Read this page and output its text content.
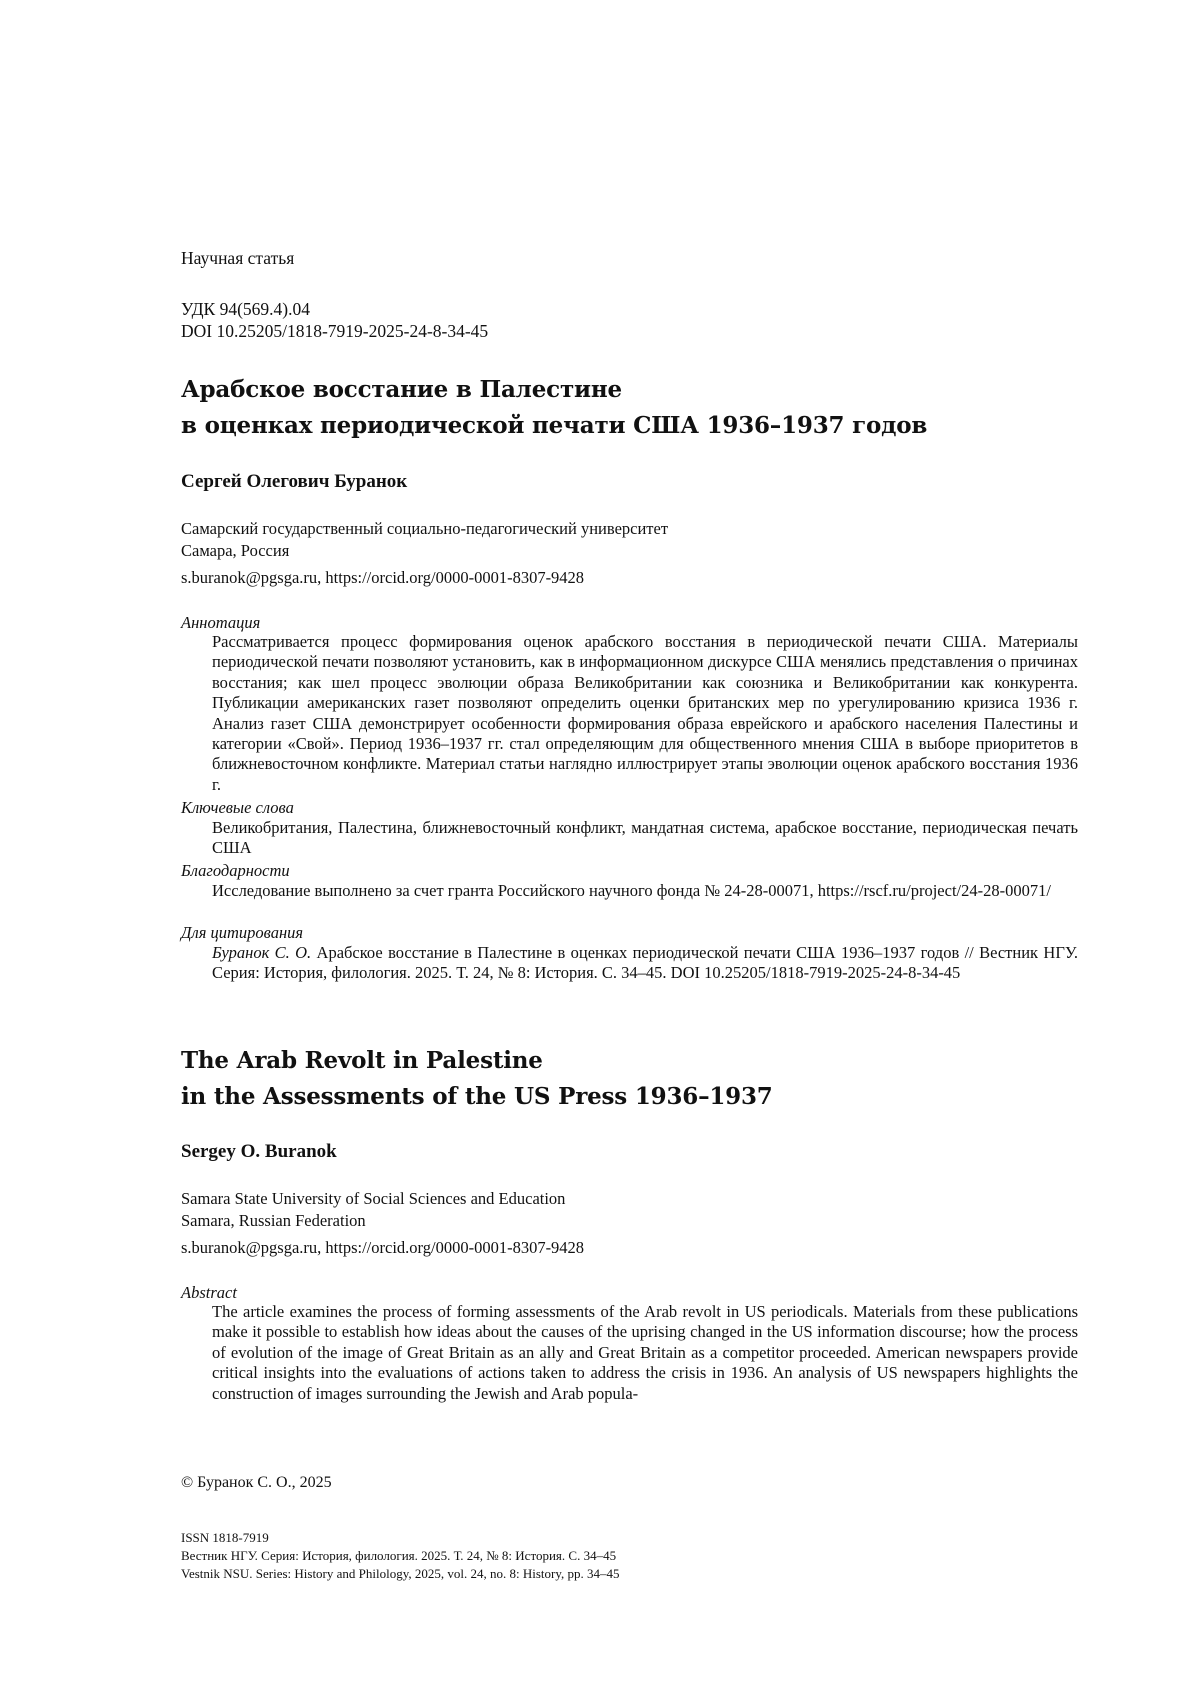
Научная статья
УДК 94(569.4).04
DOI 10.25205/1818-7919-2025-24-8-34-45
Арабское восстание в Палестине
в оценках периодической печати США 1936–1937 годов
Сергей Олегович Буранок
Самарский государственный социально-педагогический университет
Самара, Россия
s.buranok@pgsga.ru, https://orcid.org/0000-0001-8307-9428
Аннотация

Рассматривается процесс формирования оценок арабского восстания в периодической печати США. Материалы периодической печати позволяют установить, как в информационном дискурсе США менялись представления о причинах восстания; как шел процесс эволюции образа Великобритании как союзника и Великобритании как конкурента. Публикации американских газет позволяют определить оценки британских мер по урегулированию кризиса 1936 г. Анализ газет США демонстрирует особенности формирования образа еврейского и арабского населения Палестины и категории «Свой». Период 1936–1937 гг. стал определяющим для общественного мнения США в выборе приоритетов в ближневосточном конфликте. Материал статьи наглядно иллюстрирует этапы эволюции оценок арабского восстания 1936 г.

Ключевые слова

Великобритания, Палестина, ближневосточный конфликт, мандатная система, арабское восстание, периодическая печать США

Благодарности

Исследование выполнено за счет гранта Российского научного фонда № 24-28-00071, https://rscf.ru/project/24-28-00071/

Для цитирования

Буранок С. О. Арабское восстание в Палестине в оценках периодической печати США 1936–1937 годов // Вестник НГУ. Серия: История, филология. 2025. Т. 24, № 8: История. С. 34–45. DOI 10.25205/1818-7919-2025-24-8-34-45

The Arab Revolt in Palestine
in the Assessments of the US Press 1936–1937
Sergey O. Buranok
Samara State University of Social Sciences and Education
Samara, Russian Federation
s.buranok@pgsga.ru, https://orcid.org/0000-0001-8307-9428
Abstract

The article examines the process of forming assessments of the Arab revolt in US periodicals. Materials from these publications make it possible to establish how ideas about the causes of the uprising changed in the US information discourse; how the process of evolution of the image of Great Britain as an ally and Great Britain as a competitor proceeded. American newspapers provide critical insights into the evaluations of actions taken to address the crisis in 1936. An analysis of US newspapers highlights the construction of images surrounding the Jewish and Arab popula-

© Буранок С. О., 2025
ISSN 1818-7919
Вестник НГУ. Серия: История, филология. 2025. Т. 24, № 8: История. С. 34–45
Vestnik NSU. Series: History and Philology, 2025, vol. 24, no. 8: History, pp. 34–45
